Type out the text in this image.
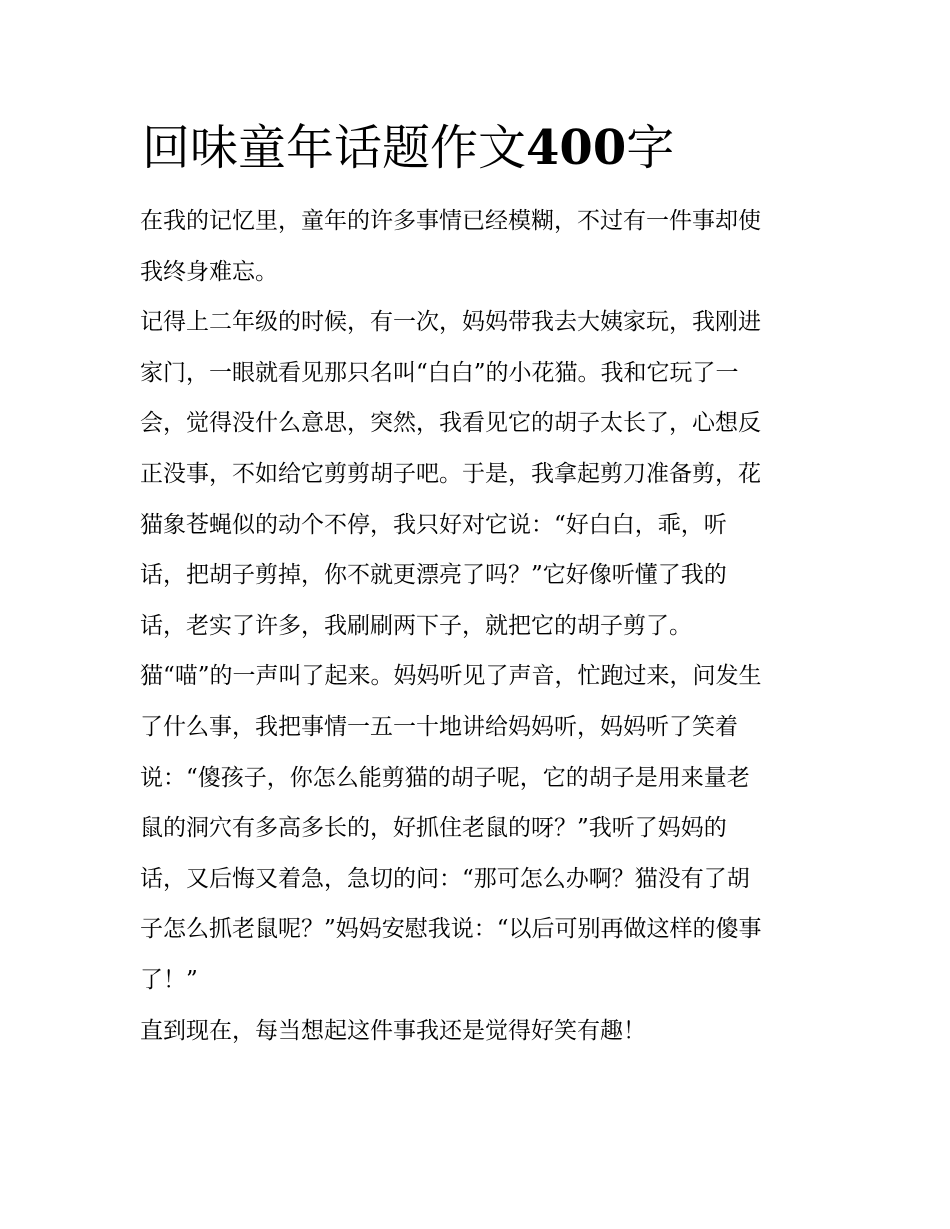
回味童年话题作文400字
在我的记忆里，童年的许多事情已经模糊，不过有一件事却使
我终身难忘。
记得上二年级的时候，有一次，妈妈带我去大姨家玩，我刚进
家门，一眼就看见那只名叫“白白”的小花猫。我和它玩了一
会，觉得没什么意思，突然，我看见它的胡子太长了，心想反
正没事，不如给它剪剪胡子吧。于是，我拿起剪刀准备剪，花
猫象苍蝇似的动个不停，我只好对它说：“好白白，乖，听
话，把胡子剪掉，你不就更漂亮了吗？”它好像听懂了我的
话，老实了许多，我刷刷两下子，就把它的胡子剪了。
猫“喵”的一声叫了起来。妈妈听见了声音，忙跑过来，问发生
了什么事，我把事情一五一十地讲给妈妈听，妈妈听了笑着
说：“傻孩子，你怎么能剪猫的胡子呢，它的胡子是用来量老
鼠的洞穴有多高多长的，好抓住老鼠的呀？”我听了妈妈的
话，又后悔又着急，急切的问：“那可怎么办啊？猫没有了胡
子怎么抓老鼠呢？”妈妈安慰我说：“以后可别再做这样的傻事
了！”
直到现在，每当想起这件事我还是觉得好笑有趣！
